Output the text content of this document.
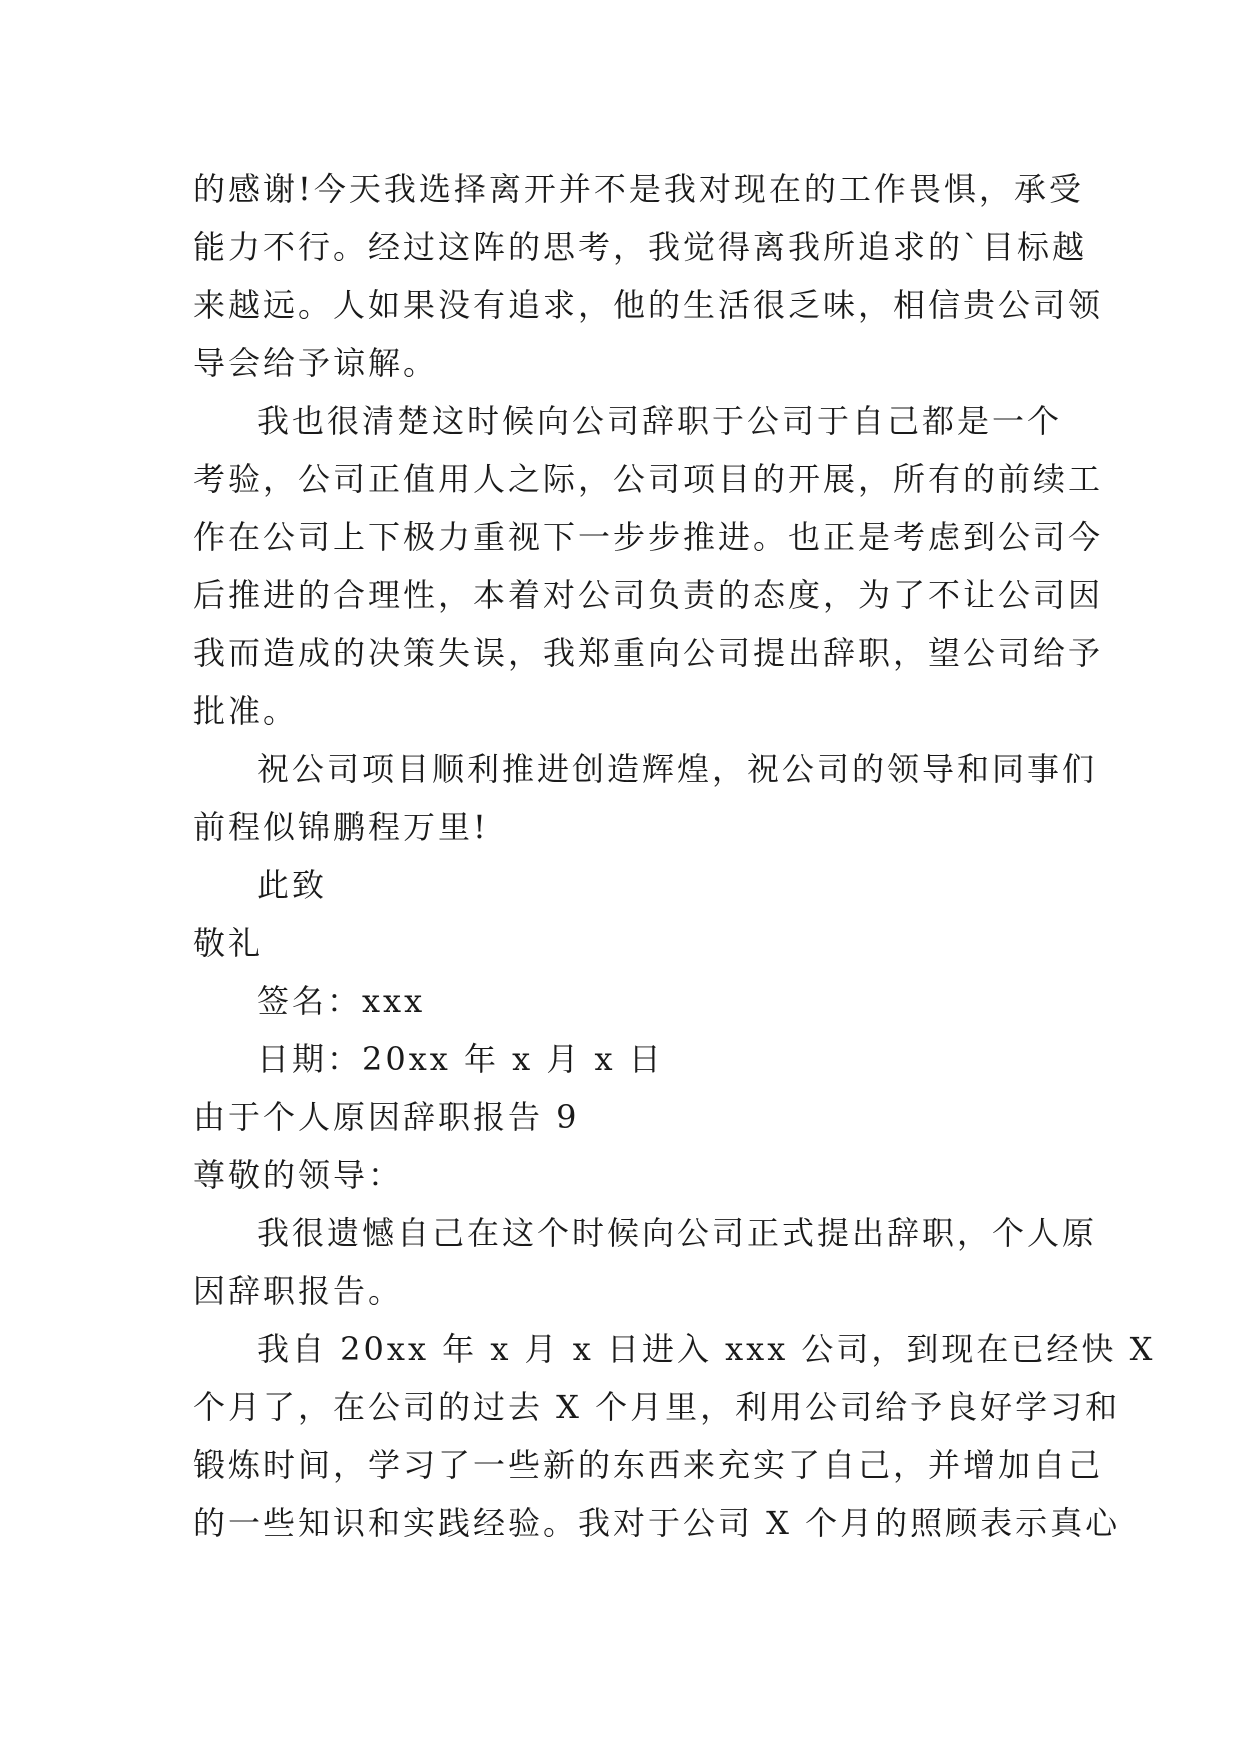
的感谢!今天我选择离开并不是我对现在的工作畏惧，承受
能力不行。经过这阵的思考，我觉得离我所追求的`目标越
来越远。人如果没有追求，他的生活很乏味，相信贵公司领
导会给予谅解。
我也很清楚这时候向公司辞职于公司于自己都是一个
考验，公司正值用人之际，公司项目的开展，所有的前续工
作在公司上下极力重视下一步步推进。也正是考虑到公司今
后推进的合理性，本着对公司负责的态度，为了不让公司因
我而造成的决策失误，我郑重向公司提出辞职，望公司给予
批准。
祝公司项目顺利推进创造辉煌，祝公司的领导和同事们
前程似锦鹏程万里!
此致
敬礼
签名：xxx
日期：20xx 年 x 月 x 日
由于个人原因辞职报告 9
尊敬的领导：
我很遗憾自己在这个时候向公司正式提出辞职，个人原
因辞职报告。
我自 20xx 年 x 月 x 日进入 xxx 公司，到现在已经快 X
个月了，在公司的过去 X 个月里，利用公司给予良好学习和
锻炼时间，学习了一些新的东西来充实了自己，并增加自己
的一些知识和实践经验。我对于公司 X 个月的照顾表示真心
